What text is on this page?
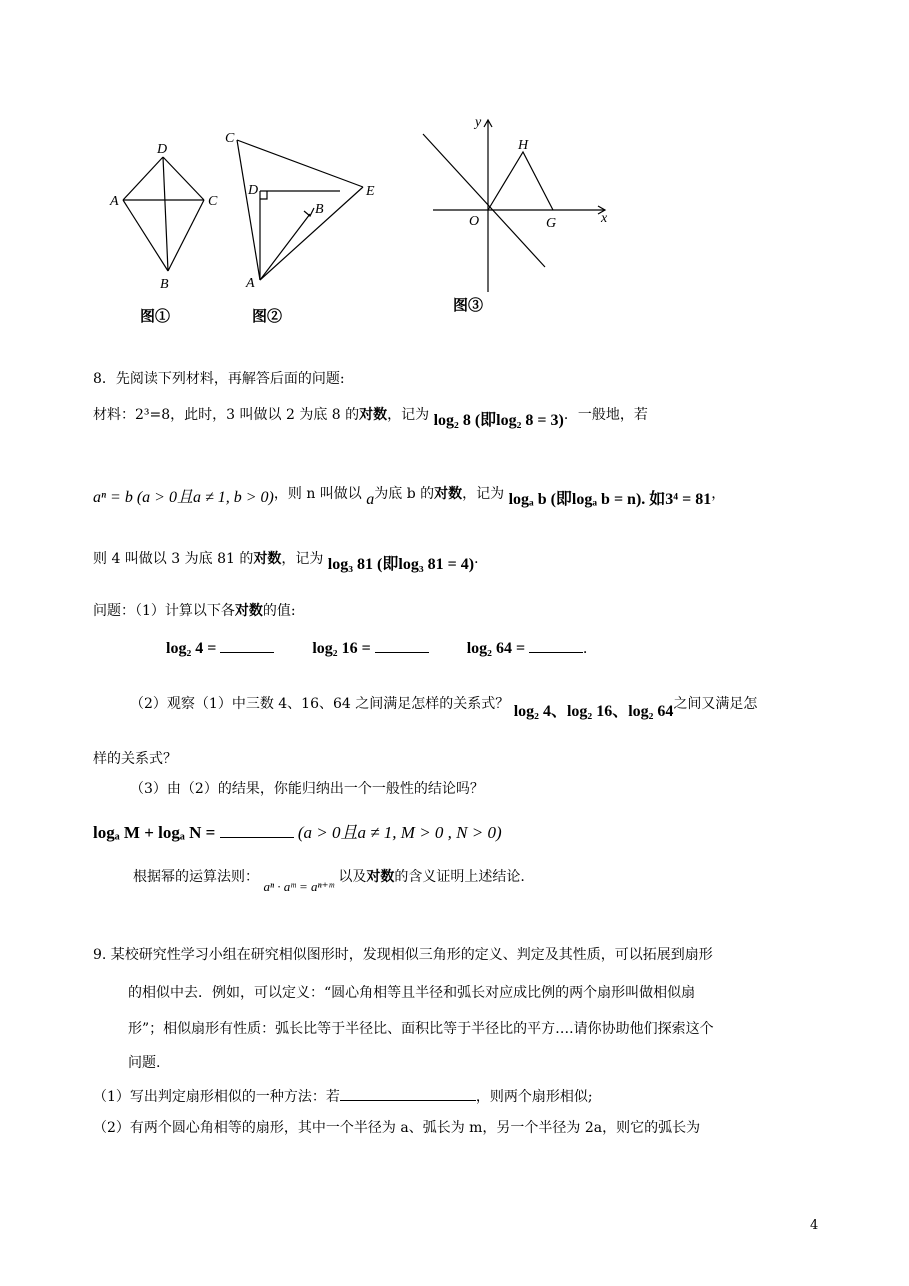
D
A	C
B
图①
C
D
B
E
A
图②
y
H
O	G	x
图③
8．先阅读下列材料，再解答后面的问题:
材料：2³=8，此时，3 叫做以 2 为底 8 的对数，记为 log₂ 8 (即log₂ 8 = 3)．一般地，若
aⁿ = b (a > 0且a ≠ 1, b > 0)，则 n 叫做以 a为底 b 的对数，记为 logₐ b (即logₐ b = n). 如3⁴ = 81，
则 4 叫做以 3 为底 81 的对数，记为 log₃ 81 (即log₃ 81 = 4)．
问题：（1）计算以下各对数的值:
log₂ 4 =	log₂ 16 =	log₂ 64 =	.
（2）观察（1）中三数 4、16、64 之间满足怎样的关系式？ log₂ 4、log₂ 16、log₂ 64之间又满足怎
样的关系式？
（3）由（2）的结果，你能归纳出一个一般性的结论吗？
logₐ M + logₐ N =	(a > 0且a ≠ 1, M > 0 , N > 0)
根据幂的运算法则： aⁿ · aᵐ = aⁿ⁺ᵐ 以及对数的含义证明上述结论.
9. 某校研究性学习小组在研究相似图形时，发现相似三角形的定义、判定及其性质，可以拓展到扇形
的相似中去．例如，可以定义：“圆心角相等且半径和弧长对应成比例的两个扇形叫做相似扇
形”；相似扇形有性质：弧长比等于半径比、面积比等于半径比的平方….请你协助他们探索这个
问题.
（1）写出判定扇形相似的一种方法：若	，则两个扇形相似;
（2）有两个圆心角相等的扇形，其中一个半径为 a、弧长为 m，另一个半径为 2a，则它的弧长为
4
